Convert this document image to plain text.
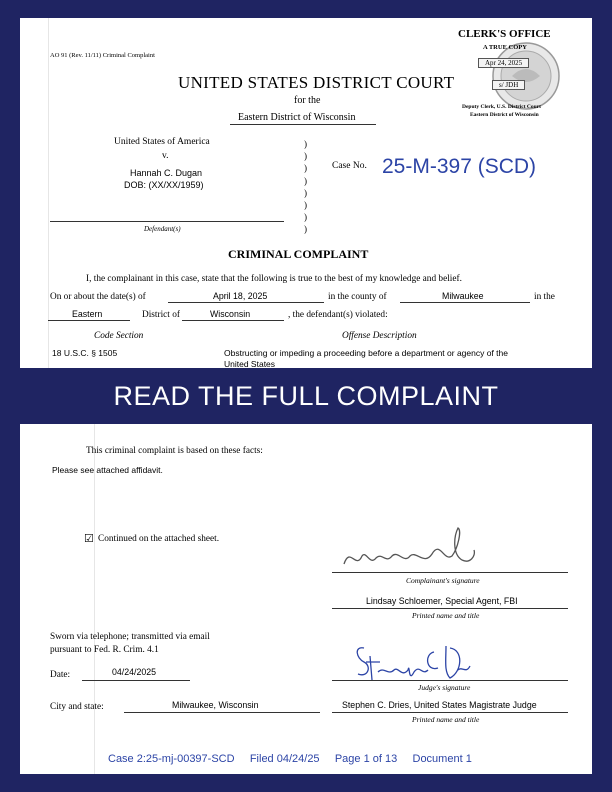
AO 91 (Rev. 11/11) Criminal Complaint
UNITED STATES DISTRICT COURT
for the
Eastern District of Wisconsin
CLERK'S OFFICE
A TRUE COPY
Apr 24, 2025
s/ JDH
Deputy Clerk, U.S. District Court
Eastern District of Wisconsin
United States of America
v.
Hannah C. Dugan
DOB: (XX/XX/1959)
Defendant(s)
)
)
)
)
)
)
)
)
Case No. 25-M-397 (SCD)
CRIMINAL COMPLAINT
I, the complainant in this case, state that the following is true to the best of my knowledge and belief.
On or about the date(s) of	April 18, 2025	in the county of	Milwaukee	in the
Eastern	District of	Wisconsin	, the defendant(s) violated:
Code Section	Offense Description
18 U.S.C. § 1505	Obstructing or impeding a proceeding before a department or agency of the
United States
READ THE FULL COMPLAINT
This criminal complaint is based on these facts:
Please see attached affidavit.
☑ Continued on the attached sheet.
Complainant's signature
Lindsay Schloemer, Special Agent, FBI
Printed name and title
Sworn via telephone; transmitted via email
pursuant to Fed. R. Crim. 4.1
Date:	04/24/2025
Judge's signature
City and state:	Milwaukee, Wisconsin	Stephen C. Dries, United States Magistrate Judge
Printed name and title
Case 2:25-mj-00397-SCD     Filed 04/24/25     Page 1 of 13     Document 1
